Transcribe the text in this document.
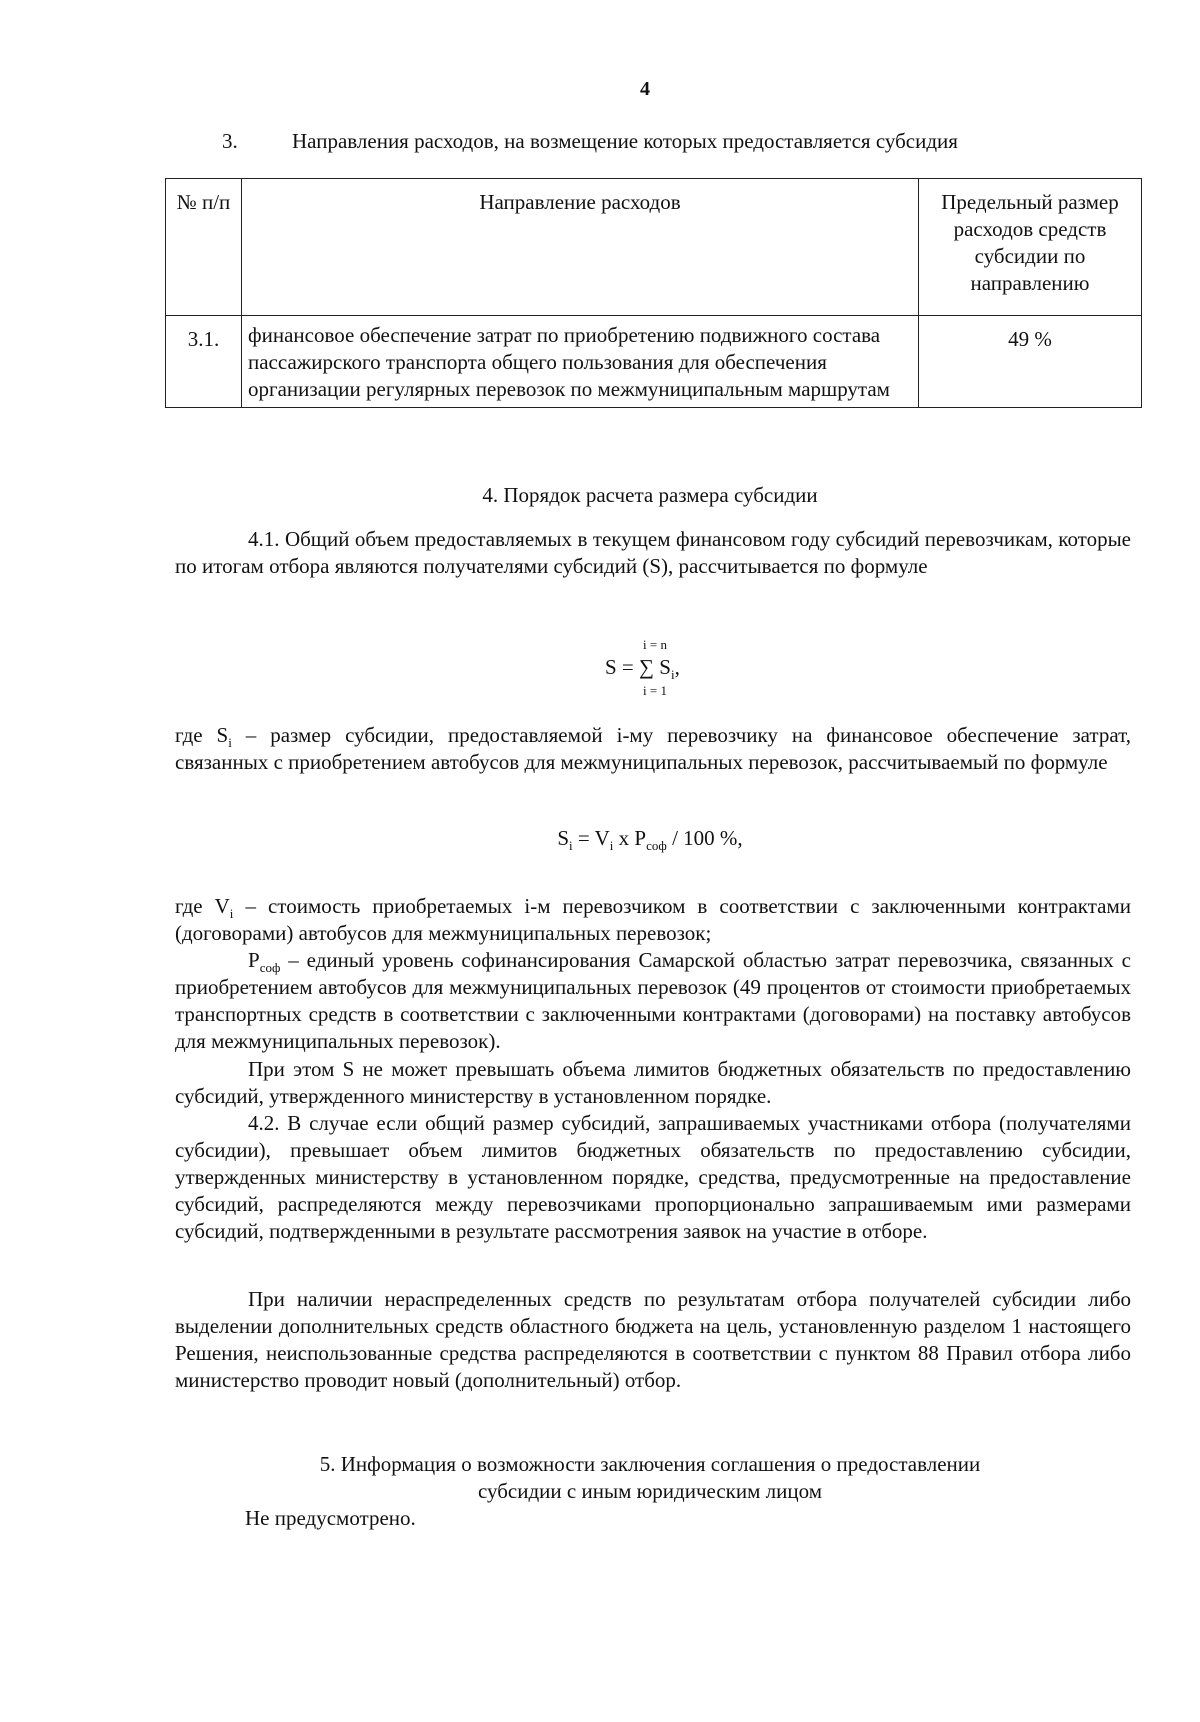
4
3.	Направления расходов, на возмещение которых предоставляется субсидия
№ п/п	Направление расходов	Предельный размер расходов средств субсидии по направлению
3.1.	финансовое обеспечение затрат по приобретению подвижного состава пассажирского транспорта общего пользования для обеспечения организации регулярных перевозок по межмуниципальным маршрутам	49 %
4. Порядок расчета размера субсидии
4.1. Общий объем предоставляемых в текущем финансовом году субсидий перевозчикам, которые по итогам отбора являются получателями субсидий (S), рассчитывается по формуле
i = n
S = ∑ $S_i$,
i = 1
где $S_i$ – размер субсидии, предоставляемой i-му перевозчику на финансовое обеспечение затрат, связанных с приобретением автобусов для межмуниципальных перевозок, рассчитываемый по формуле
$S_i = V_i$ x $P_{соф} / 100$ %,
где $V_i$ – стоимость приобретаемых i-м перевозчиком в соответствии с заключенными контрактами (договорами) автобусов для межмуниципальных перевозок;
$P_{соф}$ – единый уровень софинансирования Самарской областью затрат перевозчика, связанных с приобретением автобусов для межмуниципальных перевозок (49 процентов от стоимости приобретаемых транспортных средств в соответствии с заключенными контрактами (договорами) на поставку автобусов для межмуниципальных перевозок).
При этом S не может превышать объема лимитов бюджетных обязательств по предоставлению субсидий, утвержденного министерству в установленном порядке.
4.2. В случае если общий размер субсидий, запрашиваемых участниками отбора (получателями субсидии), превышает объем лимитов бюджетных обязательств по предоставлению субсидии, утвержденных министерству в установленном порядке, средства, предусмотренные на предоставление субсидий, распределяются между перевозчиками пропорционально запрашиваемым ими размерами субсидий, подтвержденными в результате рассмотрения заявок на участие в отборе.
При наличии нераспределенных средств по результатам отбора получателей субсидии либо выделении дополнительных средств областного бюджета на цель, установленную разделом 1 настоящего Решения, неиспользованные средства распределяются в соответствии с пунктом 88 Правил отбора либо министерство проводит новый (дополнительный) отбор.
5. Информация о возможности заключения соглашения о предоставлении
субсидии с иным юридическим лицом
Не предусмотрено.
